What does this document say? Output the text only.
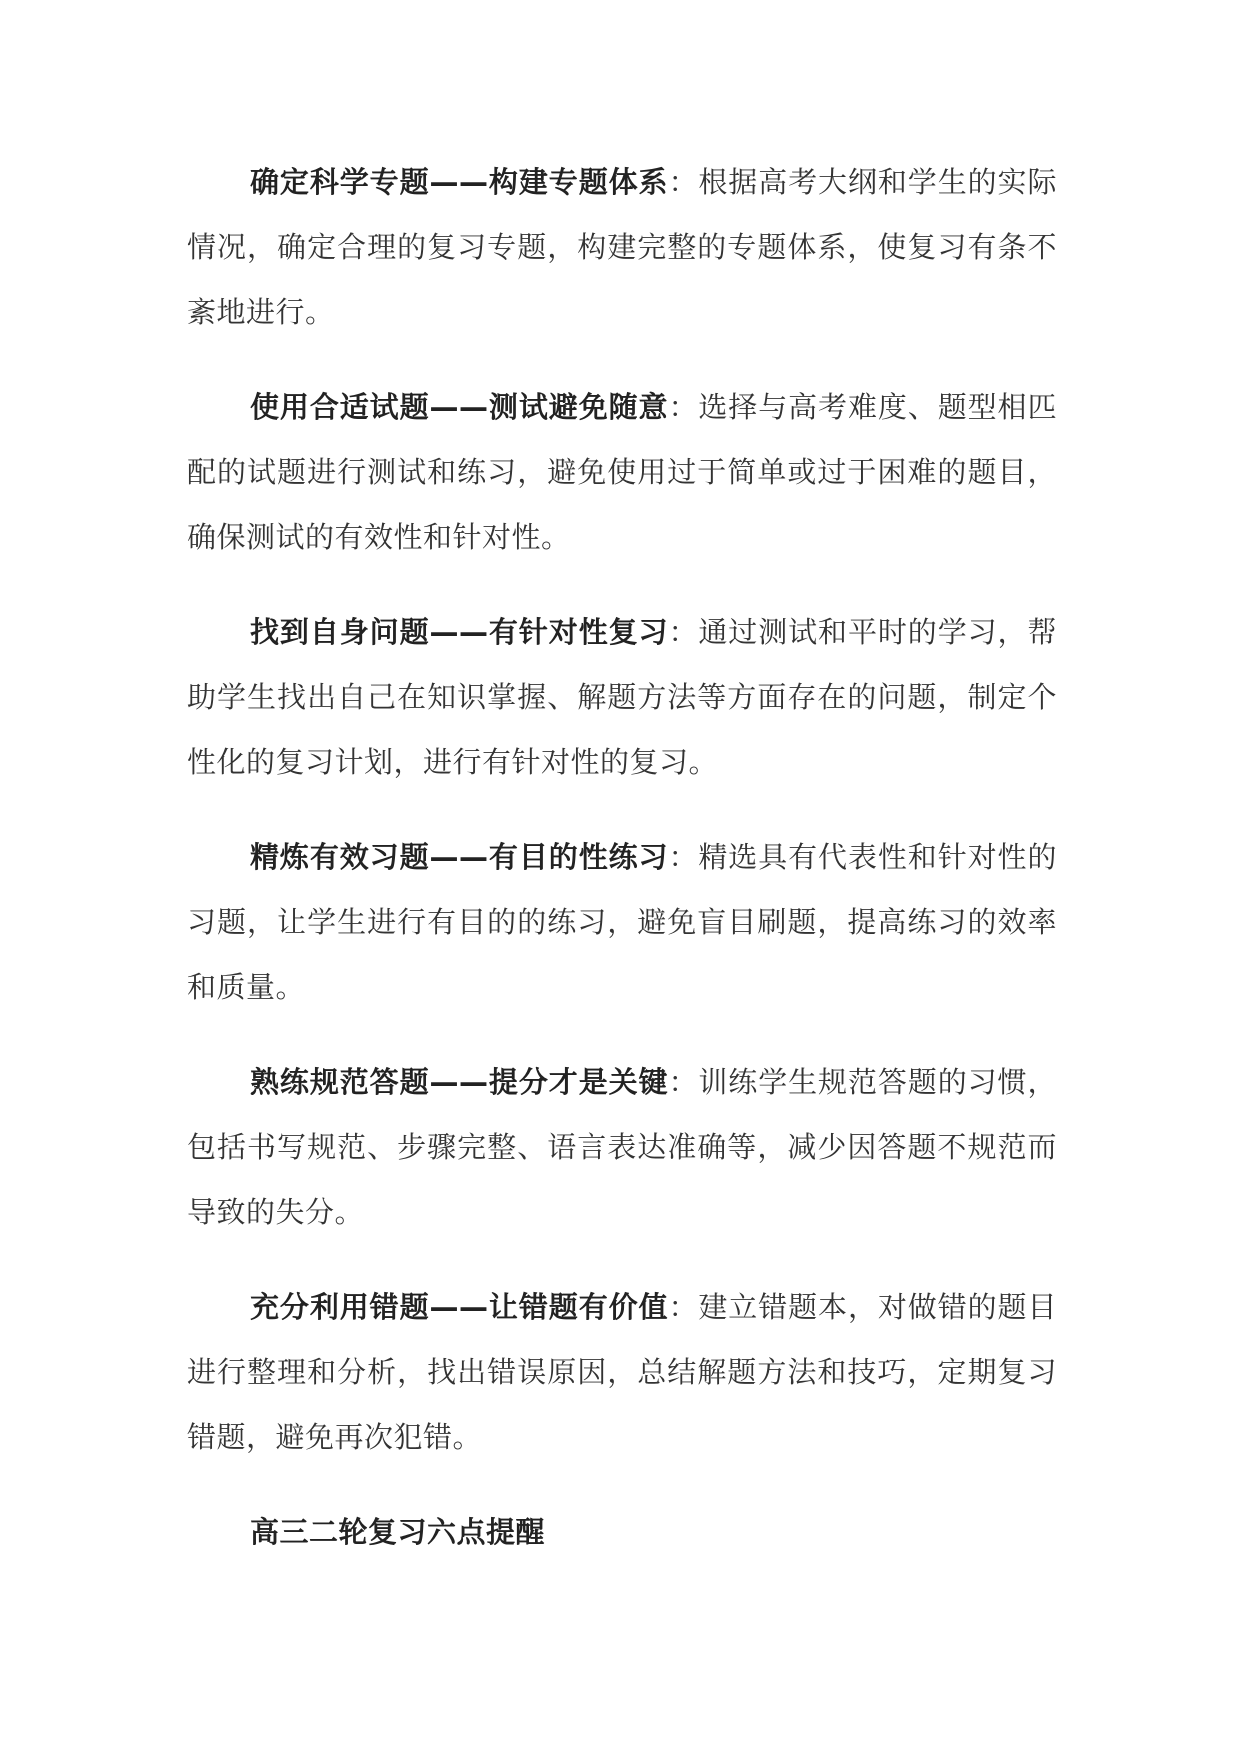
确定科学专题——构建专题体系：根据高考大纲和学生的实际情况，确定合理的复习专题，构建完整的专题体系，使复习有条不紊地进行。

使用合适试题——测试避免随意：选择与高考难度、题型相匹配的试题进行测试和练习，避免使用过于简单或过于困难的题目，确保测试的有效性和针对性。

找到自身问题——有针对性复习：通过测试和平时的学习，帮助学生找出自己在知识掌握、解题方法等方面存在的问题，制定个性化的复习计划，进行有针对性的复习。

精炼有效习题——有目的性练习：精选具有代表性和针对性的习题，让学生进行有目的的练习，避免盲目刷题，提高练习的效率和质量。

熟练规范答题——提分才是关键：训练学生规范答题的习惯，包括书写规范、步骤完整、语言表达准确等，减少因答题不规范而导致的失分。

充分利用错题——让错题有价值：建立错题本，对做错的题目进行整理和分析，找出错误原因，总结解题方法和技巧，定期复习错题，避免再次犯错。

高三二轮复习六点提醒
